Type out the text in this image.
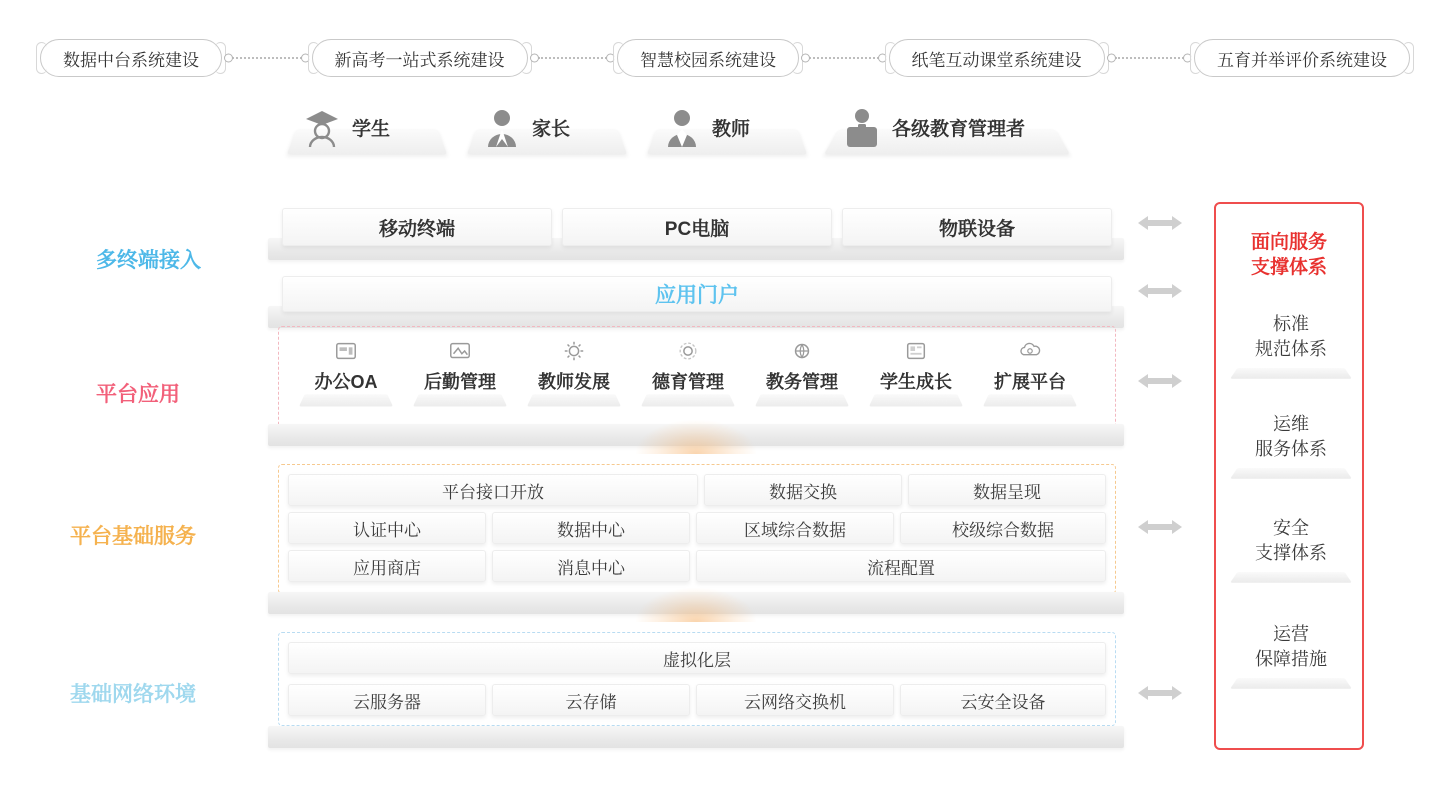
数据中台系统建设	新高考一站式系统建设	智慧校园系统建设	纸笔互动课堂系统建设	五育并举评价系统建设
学生	家长	教师	各级教育管理者
多终端接入
平台应用
平台基础服务
基础网络环境
移动终端	PC电脑	物联设备
应用门户
办公OA	后勤管理	教师发展	德育管理	教务管理	学生成长	扩展平台
平台接口开放	数据交换	数据呈现
认证中心	数据中心	区域综合数据	校级综合数据
应用商店	消息中心	流程配置
虚拟化层
云服务器	云存储	云网络交换机	云安全设备
面向服务
支撑体系
标准
规范体系
运维
服务体系
安全
支撑体系
运营
保障措施
